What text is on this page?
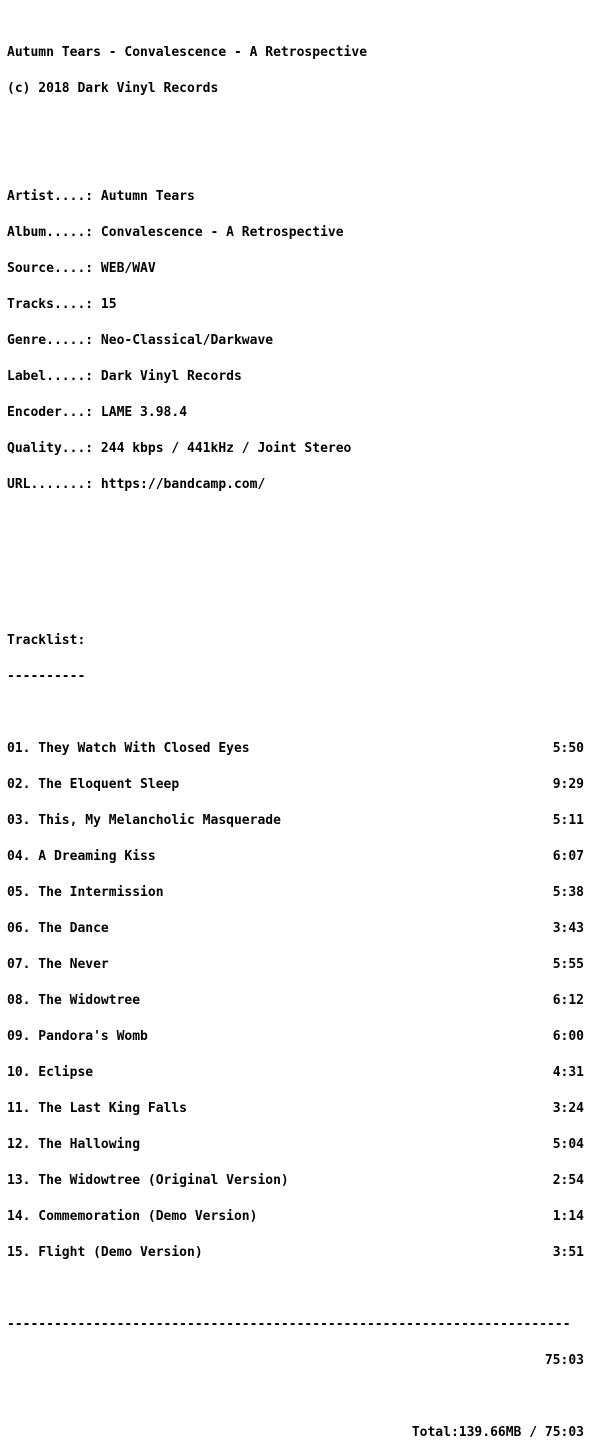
Autumn Tears - Convalescence - A Retrospective

(c) 2018 Dark Vinyl Records

Artist....: Autumn Tears

Album.....: Convalescence - A Retrospective

Source....: WEB/WAV

Tracks....: 15

Genre.....: Neo-Classical/Darkwave

Label.....: Dark Vinyl Records

Encoder...: LAME 3.98.4

Quality...: 244 kbps / 441kHz / Joint Stereo

URL.......: https://bandcamp.com/

Tracklist:

----------

01. They Watch With Closed Eyes	5:50

02. The Eloquent Sleep	9:29

03. This, My Melancholic Masquerade	5:11

04. A Dreaming Kiss	6:07

05. The Intermission	5:38

06. The Dance	3:43

07. The Never	5:55

08. The Widowtree	6:12

09. Pandora's Womb	6:00

10. Eclipse	4:31

11. The Last King Falls	3:24

12. The Hallowing	5:04

13. The Widowtree (Original Version)	2:54

14. Commemoration (Demo Version)	1:14

15. Flight (Demo Version)	3:51

------------------------------------------------------------------------

75:03

Total:139.66MB / 75:03
